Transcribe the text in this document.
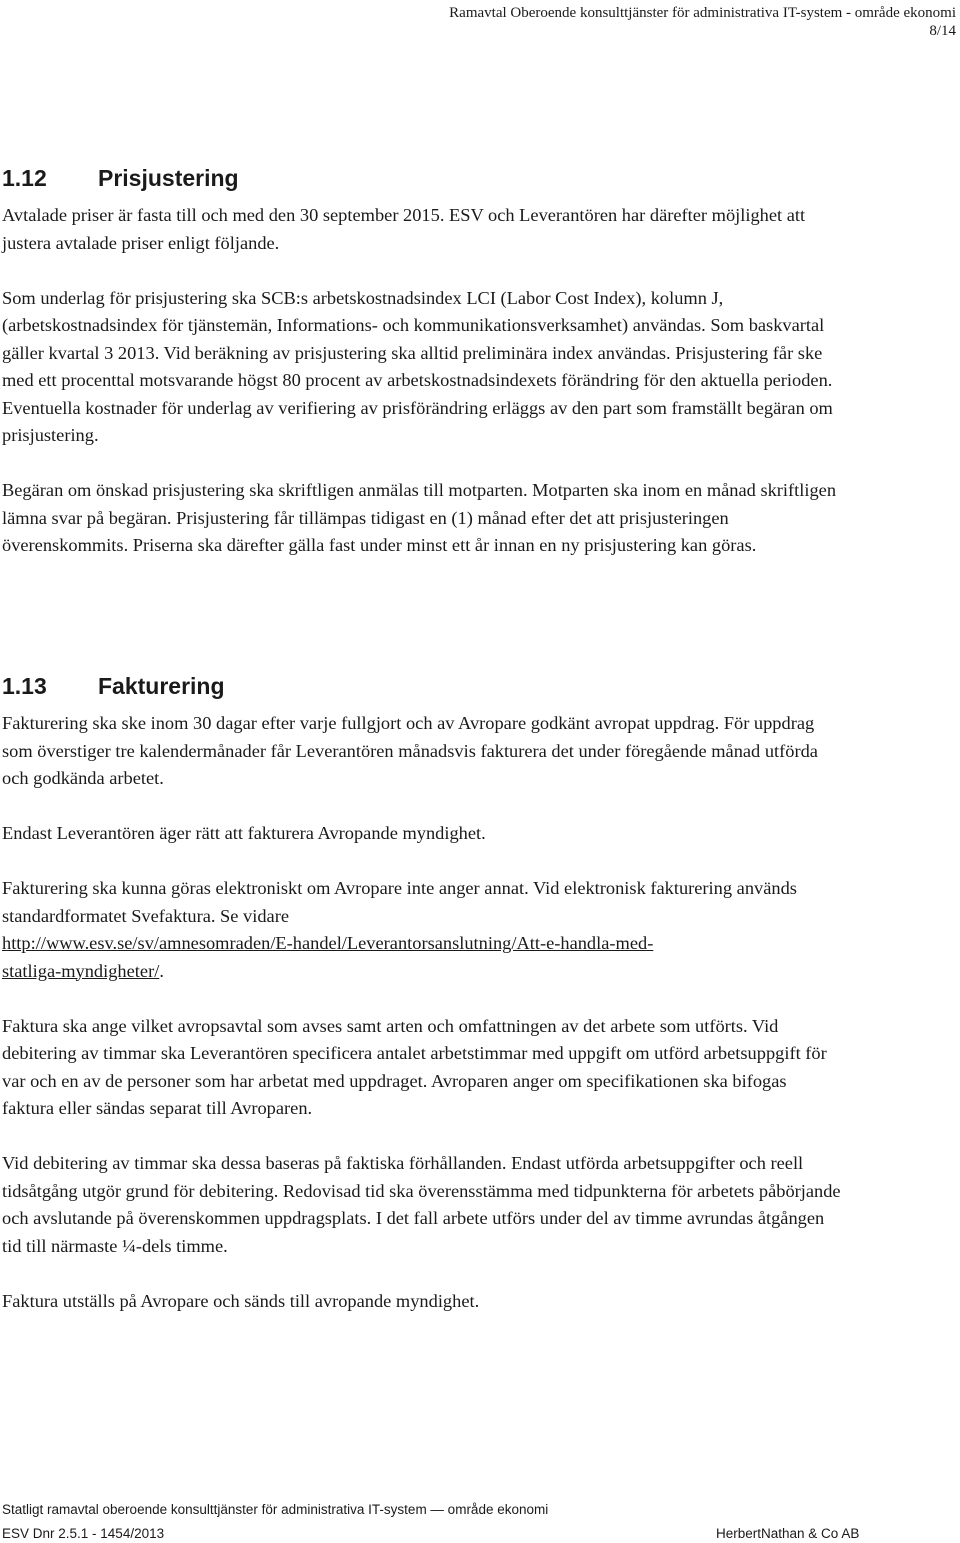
Ramavtal Oberoende konsulttjänster för administrativa IT-system - område ekonomi
8/14
1.12	Prisjustering

Avtalade priser är fasta till och med den 30 september 2015. ESV och Leverantören har därefter möjlighet att justera avtalade priser enligt följande.

Som underlag för prisjustering ska SCB:s arbetskostnadsindex LCI (Labor Cost Index), kolumn J, (arbetskostnadsindex för tjänstemän, Informations- och kommunikationsverksamhet) användas. Som baskvartal gäller kvartal 3 2013. Vid beräkning av prisjustering ska alltid preliminära index användas. Prisjustering får ske med ett procenttal motsvarande högst 80 procent av arbetskostnadsindexets förändring för den aktuella perioden. Eventuella kostnader för underlag av verifiering av prisförändring erläggs av den part som framställt begäran om prisjustering.

Begäran om önskad prisjustering ska skriftligen anmälas till motparten. Motparten ska inom en månad skriftligen lämna svar på begäran. Prisjustering får tillämpas tidigast en (1) månad efter det att prisjusteringen överenskommits. Priserna ska därefter gälla fast under minst ett år innan en ny prisjustering kan göras.

1.13	Fakturering

Fakturering ska ske inom 30 dagar efter varje fullgjort och av Avropare godkänt avropat uppdrag. För uppdrag som överstiger tre kalendermånader får Leverantören månadsvis fakturera det under föregående månad utförda och godkända arbetet.

Endast Leverantören äger rätt att fakturera Avropande myndighet.

Fakturering ska kunna göras elektroniskt om Avropare inte anger annat. Vid elektronisk fakturering används standardformatet Svefaktura. Se vidare
http://www.esv.se/sv/amnesomraden/E-handel/Leverantorsanslutning/Att-e-handla-med-
statliga-myndigheter/.

Faktura ska ange vilket avropsavtal som avses samt arten och omfattningen av det arbete som utförts. Vid debitering av timmar ska Leverantören specificera antalet arbetstimmar med uppgift om utförd arbetsuppgift för var och en av de personer som har arbetat med uppdraget. Avroparen anger om specifikationen ska bifogas faktura eller sändas separat till Avroparen.

Vid debitering av timmar ska dessa baseras på faktiska förhållanden. Endast utförda arbetsuppgifter och reell tidsåtgång utgör grund för debitering. Redovisad tid ska överensstämma med tidpunkterna för arbetets påbörjande och avslutande på överenskommen uppdragsplats. I det fall arbete utförs under del av timme avrundas åtgången tid till närmaste ¼-dels timme.

Faktura utställs på Avropare och sänds till avropande myndighet.

Statligt ramavtal oberoende konsulttjänster för administrativa IT-system — område ekonomi
ESV Dnr 2.5.1 - 1454/2013	HerbertNathan & Co AB
